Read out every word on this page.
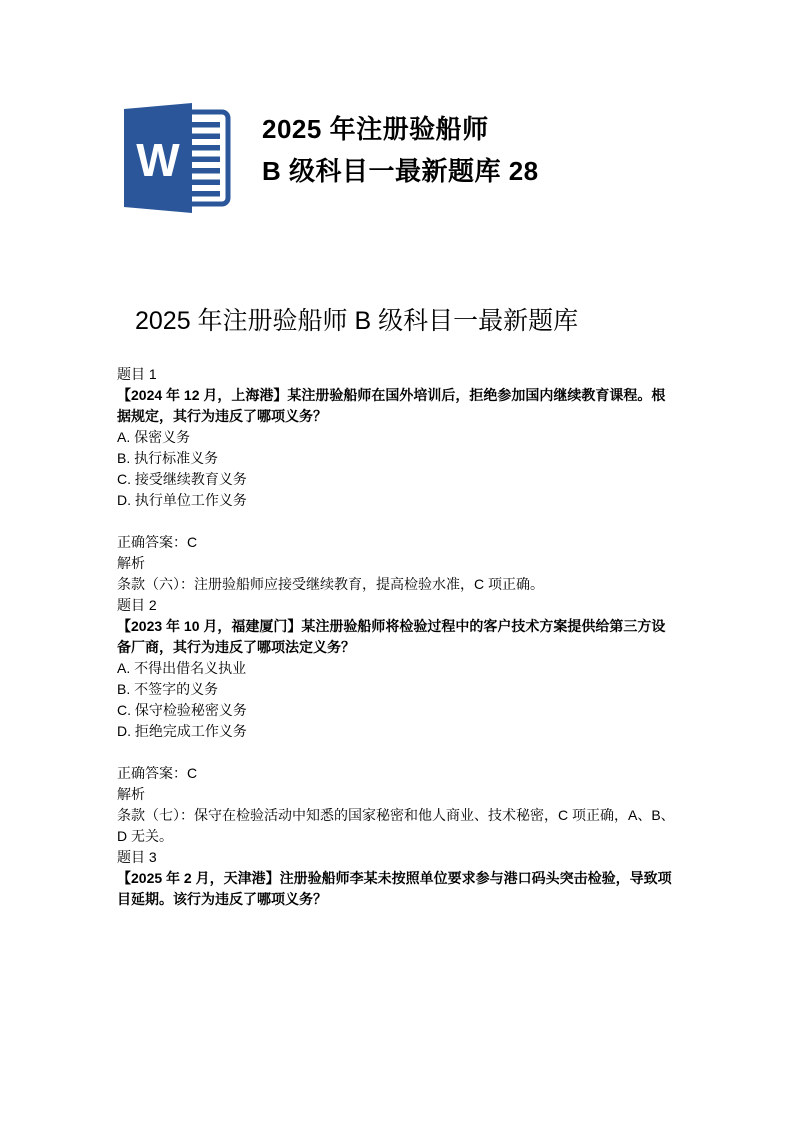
W
2025 年注册验船师
B 级科目一最新题库 28
2025 年注册验船师 B 级科目一最新题库

题目 1

【2024 年 12 月，上海港】某注册验船师在国外培训后，拒绝参加国内继续教育课程。根据规定，其行为违反了哪项义务？

A. 保密义务

B. 执行标准义务

C. 接受继续教育义务

D. 执行单位工作义务

正确答案：C

解析

条款（六）：注册验船师应接受继续教育，提高检验水准，C 项正确。

题目 2

【2023 年 10 月，福建厦门】某注册验船师将检验过程中的客户技术方案提供给第三方设备厂商，其行为违反了哪项法定义务？

A. 不得出借名义执业

B. 不签字的义务

C. 保守检验秘密义务

D. 拒绝完成工作义务

正确答案：C

解析

条款（七）：保守在检验活动中知悉的国家秘密和他人商业、技术秘密，C 项正确，A、B、D 无关。

题目 3

【2025 年 2 月，天津港】注册验船师李某未按照单位要求参与港口码头突击检验，导致项目延期。该行为违反了哪项义务？
